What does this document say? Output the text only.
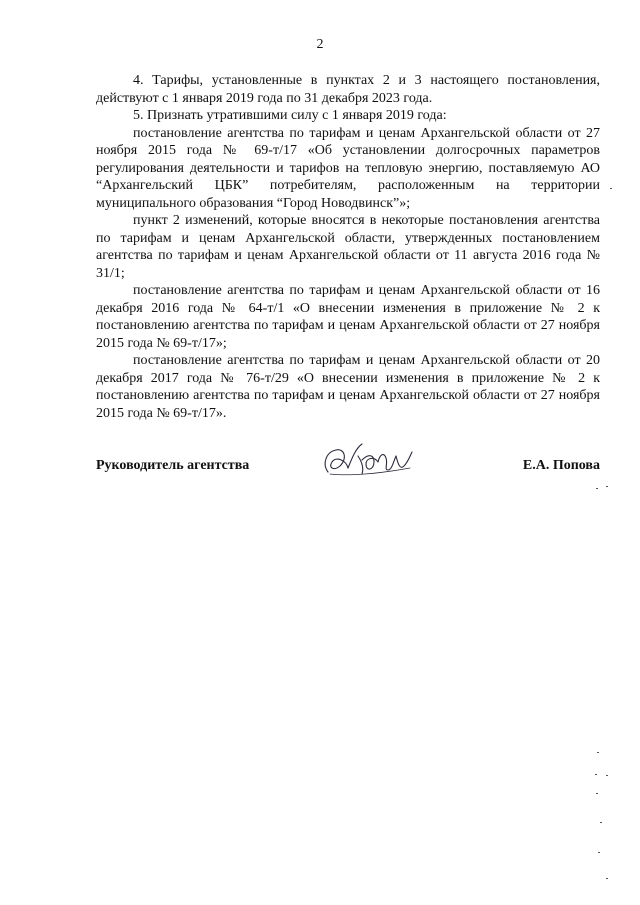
2

4. Тарифы, установленные в пунктах 2 и 3 настоящего постановления, действуют с 1 января 2019 года по 31 декабря 2023 года.

5. Признать утратившими силу с 1 января 2019 года:

постановление агентства по тарифам и ценам Архангельской области от 27 ноября 2015 года № 69-т/17 «Об установлении долгосрочных параметров регулирования деятельности и тарифов на тепловую энергию, поставляемую АО “Архангельский ЦБК” потребителям, расположенным на территории муниципального образования “Город Новодвинск”»;

пункт 2 изменений, которые вносятся в некоторые постановления агентства по тарифам и ценам Архангельской области, утвержденных постановлением агентства по тарифам и ценам Архангельской области от 11 августа 2016 года № 31/1;

постановление агентства по тарифам и ценам Архангельской области от 16 декабря 2016 года № 64-т/1 «О внесении изменения в приложение № 2 к постановлению агентства по тарифам и ценам Архангельской области от 27 ноября 2015 года № 69-т/17»;

постановление агентства по тарифам и ценам Архангельской области от 20 декабря 2017 года № 76-т/29 «О внесении изменения в приложение № 2 к постановлению агентства по тарифам и ценам Архангельской области от 27 ноября 2015 года № 69-т/17».

Руководитель агентства	Е.А. Попова
